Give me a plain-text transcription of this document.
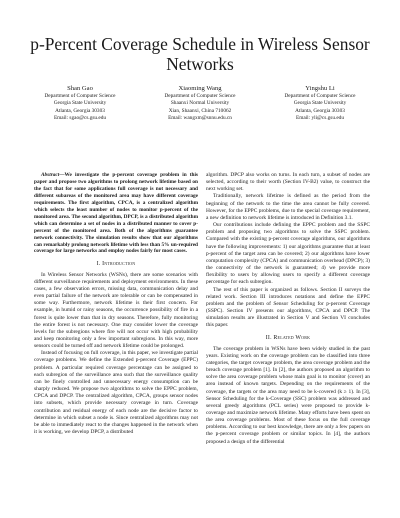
p-Percent Coverage Schedule in Wireless Sensor
Networks
Shan Gao
Department of Computer Science
Georgia State University
Atlanta, Georgia 30303
Email: sgao@cs.gsu.edu
Xiaoming Wang
Department of Computer Science
Shaanxi Normal University
Xian, Shaanxi, China 710062
Email: wangxm@snnu.edu.cn
Yingshu Li
Department of Computer Science
Georgia State University
Atlanta, Georgia 30303
Email: yli@cs.gsu.edu

Abstract—We investigate the p-percent coverage problem in this paper and propose two algorithms to prolong network lifetime based on the fact that for some applications full coverage is not necessary and different subareas of the monitored area may have different coverage requirements. The first algorithm, CPCA, is a centralized algorithm which selects the least number of nodes to monitor p-percent of the monitored area. The second algorithm, DPCP, is a distributed algorithm which can determine a set of nodes in a distributed manner to cover p-percent of the monitored area. Both of the algorithms guarantee network connectivity. The simulation results show that our algorithms can remarkably prolong network lifetime with less than 5% un-required coverage for large networks and employ nodes fairly for most cases.

I. Introduction

In Wireless Sensor Networks (WSNs), there are some scenarios with different surveillance requirements and deployment environments. In these cases, a few observation errors, missing data, communication delay and even partial failure of the network are tolerable or can be compensated in some way. Furthermore, network lifetime is their first concern. For example, in humid or rainy seasons, the occurrence possibility of fire in a forest is quite lower than that in dry seasons. Therefore, fully monitoring the entire forest is not necessary. One may consider lower the coverage levels for the subregions where fire will not occur with high probability and keep monitoring only a few important subregions. In this way, more sensors could be turned off and network lifetime could be prolonged.

Instead of focusing on full coverage, in this paper, we investigate partial coverage problems. We define the Extended p-percent Coverage (EPPC) problem. A particular required coverage percentage can be assigned to each subregion of the surveillance area such that the surveillance quality can be finely controlled and unnecessary energy consumption can be sharply reduced. We propose two algorithms to solve the EPPC problem, CPCA and DPCP. The centralized algorithm, CPCA, groups sensor nodes into subsets, which provide necessary coverage in turn. Coverage contribution and residual energy of each node are the decisive factor to determine in which subset a node is. Since centralized algorithms may not be able to immediately react to the changes happened in the network when it is working, we develop DPCP, a distributed

algorithm. DPCP also works on turns. In each turn, a subset of nodes are selected, according to their worth (Section IV-B2) value, to construct the next working set.

Traditionally, network lifetime is defined as the period from the beginning of the network to the time the area cannot be fully covered. However, for the EPPC problems, due to the special coverage requirement, a new definition to network lifetime is introduced in Definition 3.1.

Our contributions include defining the EPPC problem and the SSPC problem and proposing two algorithms to solve the SSPC problem. Compared with the existing p-percent coverage algorithms, our algorithms have the following improvements: 1) our algorithms guarantee that at least p-percent of the target area can be covered; 2) our algorithms have lower computation complexity (CPCA) and communication overhead (DPCP); 3) the connectivity of the network is guaranteed; 4) we provide more flexibility to users by allowing users to specify a different coverage percentage for each subregion.

The rest of this paper is organized as follows. Section II surveys the related work. Section III introduces notations and define the EPPC problem and the problem of Sensor Scheduling for p-percent Coverage (SSPC). Section IV presents our algorithms, CPCA and DPCP. The simulation results are illustrated in Section V and Section VI concludes this paper.

II. Related Work

The coverage problem in WSNs have been widely studied in the past years. Existing work on the coverage problem can be classified into three categories, the target coverage problem, the area coverage problem and the breach coverage problem [1]. In [2], the authors proposed an algorithm to solve the area coverage problem whose main goal is to monitor (cover) an area instead of known targets. Depending on the requirements of the coverage, the targets or the area may need to be k-covered (k ≥ 1). In [3], Sensor Scheduling for the k-Coverage (SSC) problem was addressed and several greedy algorithms (PCL series) were proposed to provide k-coverage and maximize network lifetime. Many efforts have been spent on the area coverage problems. Most of these focus on the full coverage problems. According to our best knowledge, there are only a few papers on the p-percent coverage problem or similar topics. In [4], the authors proposed a design of the differential
